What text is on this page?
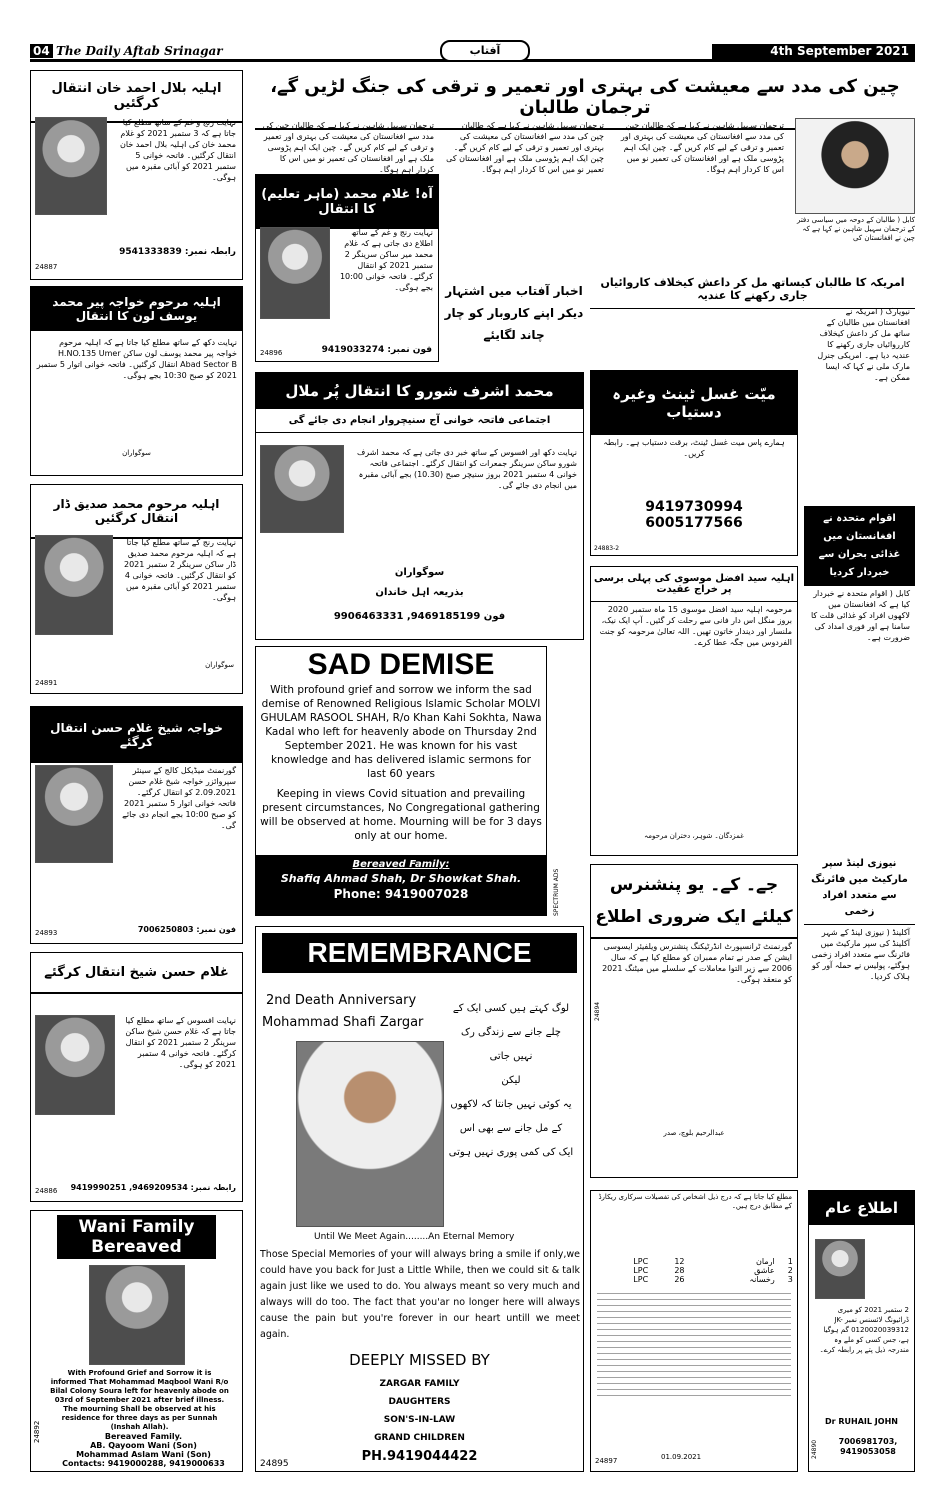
04 The Daily Aftab Srinagar	آفتاب	4th September 2021
اہلیہ بلال احمد خان انتقال کرگئیں
نہایت رنج و غم کے ساتھ مطلع کیا جاتا ہے کہ 3 ستمبر 2021 کو غلام محمد خان کی اہلیہ بلال احمد خان انتقال کرگئیں۔ فاتحہ خوانی 5 ستمبر 2021 کو آبائی مقبرہ میں ہوگی۔
رابطہ نمبر: 9541333839
24887
اہلیہ مرحوم خواجہ پیر محمد یوسف لون کا انتقال
نہایت دکھ کے ساتھ مطلع کیا جاتا ہے کہ اہلیہ مرحوم خواجہ پیر محمد یوسف لون ساکن H.NO.135 Umer Abad Sector B انتقال کرگئیں۔ فاتحہ خوانی اتوار 5 ستمبر 2021 کو صبح 10:30 بجے ہوگی۔
سوگواران
اہلیہ مرحوم محمد صدیق ڈار انتقال کرگئیں
نہایت رنج کے ساتھ مطلع کیا جاتا ہے کہ اہلیہ مرحوم محمد صدیق ڈار ساکن سرینگر 2 ستمبر 2021 کو انتقال کرگئیں۔ فاتحہ خوانی 4 ستمبر 2021 کو آبائی مقبرہ میں ہوگی۔
سوگواران
24891
خواجہ شیخ غلام حسن انتقال کرگئے
گورنمنٹ میڈیکل کالج کے سینئر سپروائزر خواجہ شیخ غلام حسن 2.09.2021 کو انتقال کرگئے۔ فاتحہ خوانی اتوار 5 ستمبر 2021 کو صبح 10:00 بجے انجام دی جائے گی۔
فون نمبر: 7006250803
24893
غلام حسن شیخ انتقال کرگئے
نہایت افسوس کے ساتھ مطلع کیا جاتا ہے کہ غلام حسن شیخ ساکن سرینگر 2 ستمبر 2021 کو انتقال کرگئے۔ فاتحہ خوانی 4 ستمبر 2021 کو ہوگی۔
رابطہ نمبر: 9469209534, 9419990251
24886
Wani Family
Bereaved
With Profound Grief and Sorrow it is informed That Mohammad Maqbool Wani R/o Bilal Colony Soura left for heavenly abode on 03rd of September 2021 after brief illness. The mourning Shall be observed at his residence for three days as per Sunnah (Inshah Allah).
Bereaved Family.
AB. Qayoom Wani (Son)
Mohammad Aslam Wani (Son)
Contacts: 9419000288, 9419000633
24892
چین کی مدد سے معیشت کی بہتری اور تعمیر و ترقی کی جنگ لڑیں گے، ترجمان طالبان
کابل ( طالبان کے دوحہ میں سیاسی دفتر کے ترجمان سہیل شاہین نے کہا ہے کہ چین نے افغانستان کی
ترجمان سہیل شاہین نے کہا ہے کہ طالبان چین کی مدد سے افغانستان کی معیشت کی بہتری اور تعمیر و ترقی کے لیے کام کریں گے۔ چین ایک اہم پڑوسی ملک ہے اور افغانستان کی تعمیر نو میں اس کا کردار اہم ہوگا۔
ترجمان سہیل شاہین نے کہا ہے کہ طالبان چین کی مدد سے افغانستان کی معیشت کی بہتری اور تعمیر و ترقی کے لیے کام کریں گے۔ چین ایک اہم پڑوسی ملک ہے اور افغانستان کی تعمیر نو میں اس کا کردار اہم ہوگا۔
ترجمان سہیل شاہین نے کہا ہے کہ طالبان چین کی مدد سے افغانستان کی معیشت کی بہتری اور تعمیر و ترقی کے لیے کام کریں گے۔ چین ایک اہم پڑوسی ملک ہے اور افغانستان کی تعمیر نو میں اس کا کردار اہم ہوگا۔
آہ! غلام محمد (ماہر تعلیم) کا انتقال
نہایت رنج و غم کے ساتھ اطلاع دی جاتی ہے کہ غلام محمد میر ساکن سرینگر 2 ستمبر 2021 کو انتقال کرگئے۔ فاتحہ خوانی 10:00 بجے ہوگی۔
فون نمبر: 9419033274
24896
اخبار آفتاب میں اشتہار دیکر اپنے کاروبار کو چار چاند لگایئے
محمد اشرف شورو کا انتقال پُر ملال
اجتماعی فاتحہ خوانی آج سنیچروار انجام دی جائے گی
نہایت دکھ اور افسوس کے ساتھ خبر دی جاتی ہے کہ محمد اشرف شورو ساکن سرینگر جمعرات کو انتقال کرگئے۔ اجتماعی فاتحہ خوانی 4 ستمبر 2021 بروز سنیچر صبح (10.30) بجے آبائی مقبرہ میں انجام دی جائے گی۔
سوگواران
بذریعہ اہل خاندان
فون 9469185199, 9906463331
SAD DEMISE
With profound grief and sorrow we inform the sad demise of Renowned Religious Islamic Scholar MOLVI GHULAM RASOOL SHAH, R/o Khan Kahi Sokhta, Nawa Kadal who left for heavenly abode on Thursday 2nd September 2021. He was known for his vast knowledge and has delivered islamic sermons for last 60 years
Keeping in views Covid situation and prevailing present circumstances, No Congregational gathering will be observed at home. Mourning will be for 3 days only at our home.
Bereaved Family:
Shafiq Ahmad Shah, Dr Showkat Shah.
Phone: 9419007028	SPECTRUM ADS
REMEMBRANCE
2nd Death Anniversary
Mohammad Shafi Zargar
لوگ کہتے ہیں کسی ایک کے
چلے جانے سے زندگی رک
نہیں جاتی
لیکن
یہ کوئی نہیں جانتا کہ لاکھوں
کے مل جانے سے بھی اس
ایک کی کمی پوری نہیں ہوتی
Until We Meet Again........An Eternal Memory
Those Special Memories of your will always bring a smile if only,we could have you back for Just a Little While, then we could sit & talk again just like we used to do. You always meant so very much and always will do too. The fact that you'ar no longer here will always cause the pain but you're forever in our heart untill we meet again.
DEEPLY MISSED BY
ZARGAR FAMILY
DAUGHTERS
SON'S-IN-LAW
GRAND CHILDREN
PH.9419044422
24895
امریکہ کا طالبان کیساتھ مل کر داعش کیخلاف کاروائیاں جاری رکھنے کا عندیہ
نیویارک ( امریکہ نے افغانستان میں طالبان کے ساتھ مل کر داعش کیخلاف کارروائیاں جاری رکھنے کا عندیہ دیا ہے۔ امریکی جنرل مارک ملی نے کہا کہ ایسا ممکن ہے۔
میّت غسل ٹینٹ وغیرہ دستیاب
ہمارے پاس میت غسل ٹینٹ، برقت دستیاب ہے۔ رابطہ کریں۔
9419730994
6005177566
24883-2
اقوام متحدہ نے افغانستان میں غذائی بحران سے خبردار کردیا
کابل ( اقوام متحدہ نے خبردار کیا ہے کہ افغانستان میں لاکھوں افراد کو غذائی قلت کا سامنا ہے اور فوری امداد کی ضرورت ہے۔
اہلیہ سید افضل موسوی کی پہلی برسی پر خراج عقیدت
مرحومہ اہلیہ سید افضل موسوی 15 ماہ ستمبر 2020 بروز منگل اس دار فانی سے رحلت کر گئیں۔ آپ ایک نیک، ملنسار اور دیندار خاتون تھیں۔ اللہ تعالیٰ مرحومہ کو جنت الفردوس میں جگہ عطا کرے۔
غمزدگان۔ شوہر، دختران مرحومہ
نیوزی لینڈ سپر مارکیٹ میں فائرنگ سے متعدد افراد زخمی
آکلینڈ ( نیوزی لینڈ کے شہر آکلینڈ کی سپر مارکیٹ میں فائرنگ سے متعدد افراد زخمی ہوگئے، پولیس نے حملہ آور کو ہلاک کردیا۔
جے۔ کے۔ یو پنشنرس کیلئے ایک ضروری اطلاع
گورنمنٹ ٹرانسپورٹ انڈرٹیکنگ پنشنرس ویلفیئر ایسوسی ایشن کے صدر نے تمام ممبران کو مطلع کیا ہے کہ سال 2006 سے زیر التوا معاملات کے سلسلے میں میٹنگ 2021 کو منعقد ہوگی۔
عبدالرحیم بلوچ، صدر
24894
مطلع کیا جاتا ہے کہ درج ذیل اشخاص کی تفصیلات سرکاری ریکارڈ کے مطابق درج ہیں۔
1	ارمان	12	LPC
2	عاشق	28	LPC
3	رخسانہ	26	LPC
01.09.2021
24897
اطلاع عام
2 ستمبر 2021 کو میری ڈرائیونگ لائسنس نمبر JK-0120020039312 گم ہوگیا ہے، جس کسی کو ملے وہ مندرجہ ذیل پتے پر رابطہ کرے۔
Dr RUHAIL JOHN
7006981703, 9419053058
24890
